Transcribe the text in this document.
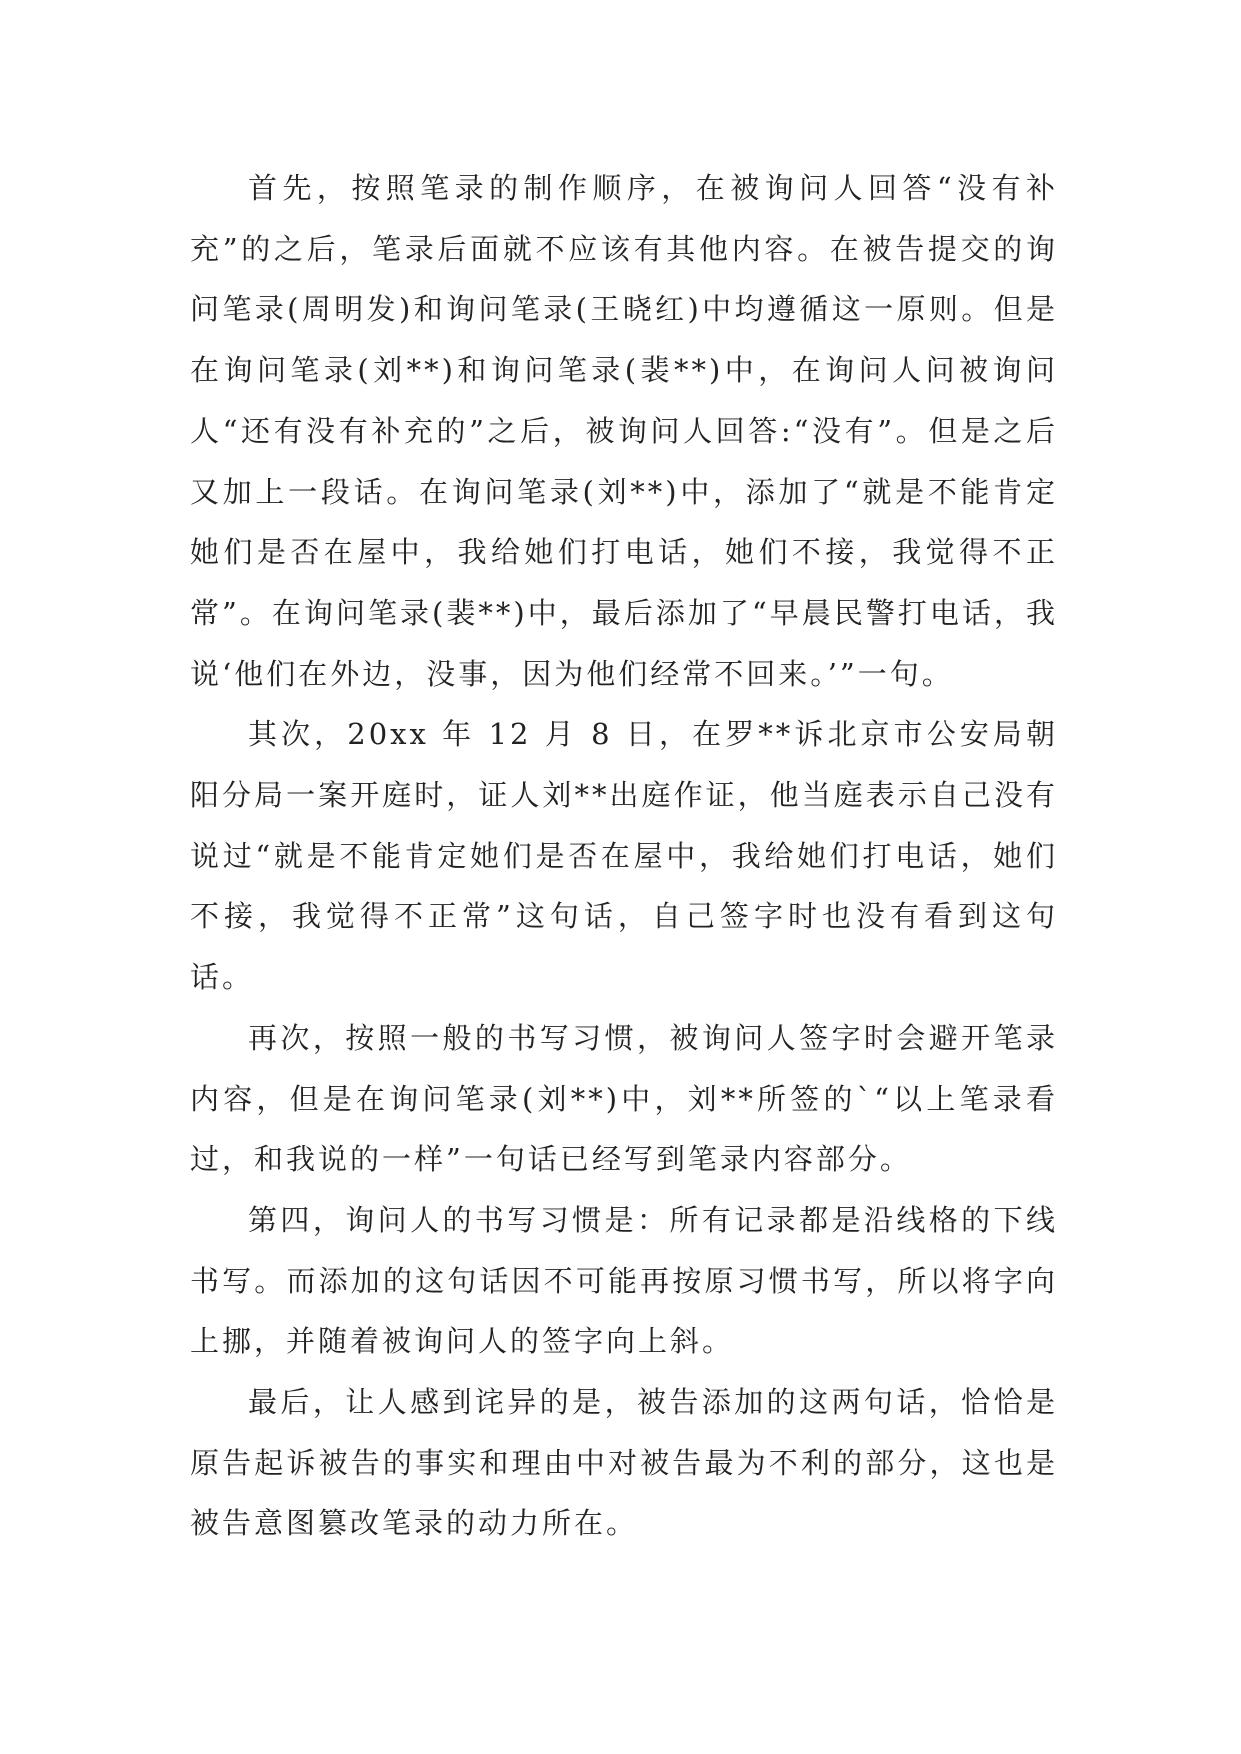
首先，按照笔录的制作顺序，在被询问人回答“没有补充”的之后，笔录后面就不应该有其他内容。在被告提交的询问笔录(周明发)和询问笔录(王晓红)中均遵循这一原则。但是在询问笔录(刘**)和询问笔录(裴**)中，在询问人问被询问人“还有没有补充的”之后，被询问人回答:“没有”。但是之后又加上一段话。在询问笔录(刘**)中，添加了“就是不能肯定她们是否在屋中，我给她们打电话，她们不接，我觉得不正常”。在询问笔录(裴**)中，最后添加了“早晨民警打电话，我说‘他们在外边，没事，因为他们经常不回来。’”一句。

其次，20xx 年 12 月 8 日，在罗**诉北京市公安局朝阳分局一案开庭时，证人刘**出庭作证，他当庭表示自己没有说过“就是不能肯定她们是否在屋中，我给她们打电话，她们不接，我觉得不正常”这句话，自己签字时也没有看到这句话。

再次，按照一般的书写习惯，被询问人签字时会避开笔录内容，但是在询问笔录(刘**)中，刘**所签的`“以上笔录看过，和我说的一样”一句话已经写到笔录内容部分。

第四，询问人的书写习惯是：所有记录都是沿线格的下线书写。而添加的这句话因不可能再按原习惯书写，所以将字向上挪，并随着被询问人的签字向上斜。

最后，让人感到诧异的是，被告添加的这两句话，恰恰是原告起诉被告的事实和理由中对被告最为不利的部分，这也是被告意图篡改笔录的动力所在。
